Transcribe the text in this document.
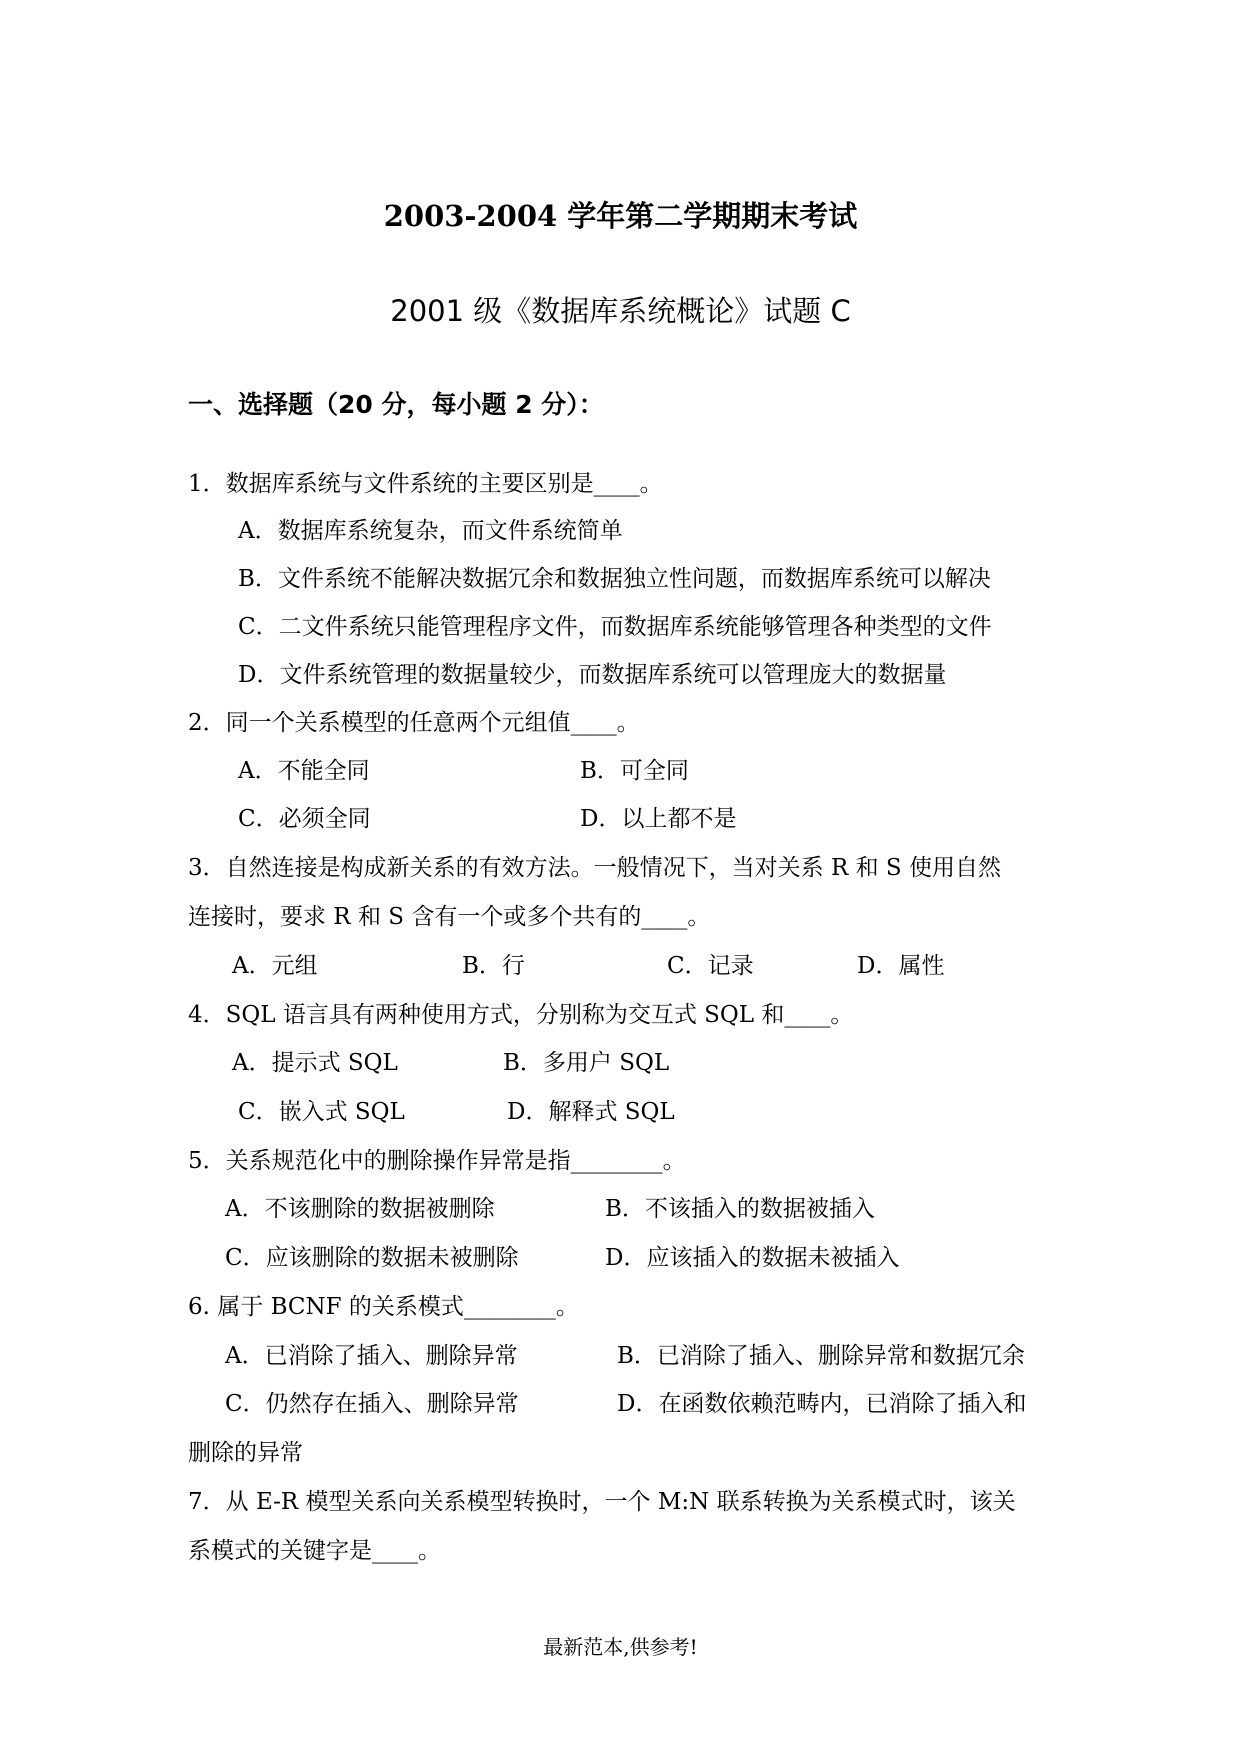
2003-2004 学年第二学期期末考试
2001 级《数据库系统概论》试题 C
一、选择题（20 分，每小题 2 分）：
1．数据库系统与文件系统的主要区别是____。
A．数据库系统复杂，而文件系统简单
B．文件系统不能解决数据冗余和数据独立性问题，而数据库系统可以解决
C．二文件系统只能管理程序文件，而数据库系统能够管理各种类型的文件
D．文件系统管理的数据量较少，而数据库系统可以管理庞大的数据量
2．同一个关系模型的任意两个元组值____。
A．不能全同	B．可全同
C．必须全同	D．以上都不是
3．自然连接是构成新关系的有效方法。一般情况下，当对关系 R 和 S 使用自然
连接时，要求 R 和 S 含有一个或多个共有的____。
A．元组	B．行	C．记录	D．属性
4．SQL 语言具有两种使用方式，分别称为交互式 SQL 和____。
A．提示式 SQL	B．多用户 SQL
C．嵌入式 SQL	D．解释式 SQL
5．关系规范化中的删除操作异常是指________。
A．不该删除的数据被删除	B．不该插入的数据被插入
C．应该删除的数据未被删除	D．应该插入的数据未被插入
6. 属于 BCNF 的关系模式________。
A．已消除了插入、删除异常	B．已消除了插入、删除异常和数据冗余
C．仍然存在插入、删除异常	D．在函数依赖范畴内，已消除了插入和
删除的异常
7．从 E-R 模型关系向关系模型转换时，一个 M:N 联系转换为关系模式时，该关
系模式的关键字是____。
最新范本,供参考!
